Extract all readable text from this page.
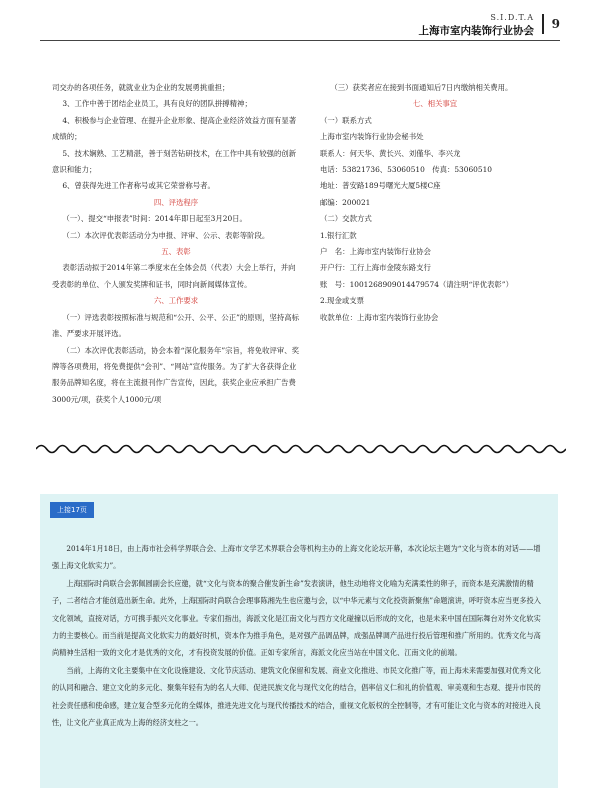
S.I.D.T.A
上海市室内装饰行业协会 9

司交办的各项任务，就就业业为企业的发展勇挑重担；

3、工作中善于团结企业员工，具有良好的团队拼搏精神；

4、积极参与企业管理、在提升企业形象、提高企业经济效益方面有显著成绩的；

5、技术娴熟、工艺精湛，善于刻苦钻研技术，在工作中具有较强的创新意识和能力；

6、曾获得先进工作者称号或其它荣誉称号者。

四、评选程序

（一）、提交“申报表”时间：2014年即日起至3月20日。

（二）本次评优表彰活动分为申报、评审、公示、表彰等阶段。

五、表彰

表彰活动拟于2014年第二季度末在全体会员（代表）大会上举行，并向受表彰的单位、个人颁发奖牌和证书，同时向新闻媒体宣传。

六、工作要求

（一）评选表彰按照标准与规范和“公开、公平、公正”的原则，坚持高标准、严要求开展评选。

（二）本次评优表彰活动，协会本着“深化服务年”宗旨，将免收评审、奖牌等各项费用，将免费提供“会刊”、“网站”宣传服务。为了扩大各获得企业服务品牌知名度，将在主流报刊作广告宣传，因此，获奖企业应承担广告费3000元/项，获奖个人1000元/项

（三）获奖者应在接到书面通知后7日内缴纳相关费用。

七、相关事宜

（一）联系方式

上海市室内装饰行业协会秘书处

联系人：何天华、黄长兴、刘僅华、李兴龙

电话：53821736、53060510　传真：53060510

地址：普安路189号曙光大厦5楼C座

邮编：200021

（二）交款方式

1.银行汇款

户　名：上海市室内装饰行业协会

开户行：工行上海市金陵东路支行

账　号：1001268909014479574（请注明“评优表彰”）

2.现金或支票

收款单位：上海市室内装饰行业协会

上接17页

2014年1月18日，由上海市社会科学界联合会、上海市文学艺术界联合会等机构主办的上海文化论坛开幕，本次论坛主题为“文化与资本的对话——增强上海文化软实力”。

上海国际时尚联合会郭佩圆副会长应邀，就“文化与资本的聚合催发新生命”发表演讲，他生动地将文化喻为充满柔性的卵子，而资本是充满激情的精子，二者结合才能创造出新生命。此外，上海国际时尚联合会理事陈湘先生也应邀与会，以“中华元素与文化投资新聚焦”命题演讲，呼吁资本应当更多投入文化领域，直接对话，方可携手振兴文化事业。专家们指出，海派文化是江南文化与西方文化碰撞以后形成的文化，也是未来中国在国际舞台对外文化软实力的主要核心。而当前是提高文化软实力的最好时机，资本作为推手角色，是对强产品调品牌，成强品牌调产品进行投后管理和推广所用的。优秀文化与高尚精神生活相一致的文化才是优秀的文化，才有投资发展的价值。正如专家所言，海派文化应当站在中国文化、江南文化的前端。

当前，上海的文化主要集中在文化设施建设、文化节庆活动、建筑文化保留和发展、商业文化推进、市民文化推广等，而上海未来需要加强对优秀文化的认同和融合、建立文化的多元化、聚集年轻有为的名人大师、促进民族文化与现代文化的结合，倡率信义仁和礼的价值观、审美观和生态观、提升市民的社会责任感和使命感，建立复合型多元化的全媒体，推进先进文化与现代传播技术的结合，重视文化版权的全控制等，才有可能让文化与资本的对接进入良性，让文化产业真正成为上海的经济支柱之一。
